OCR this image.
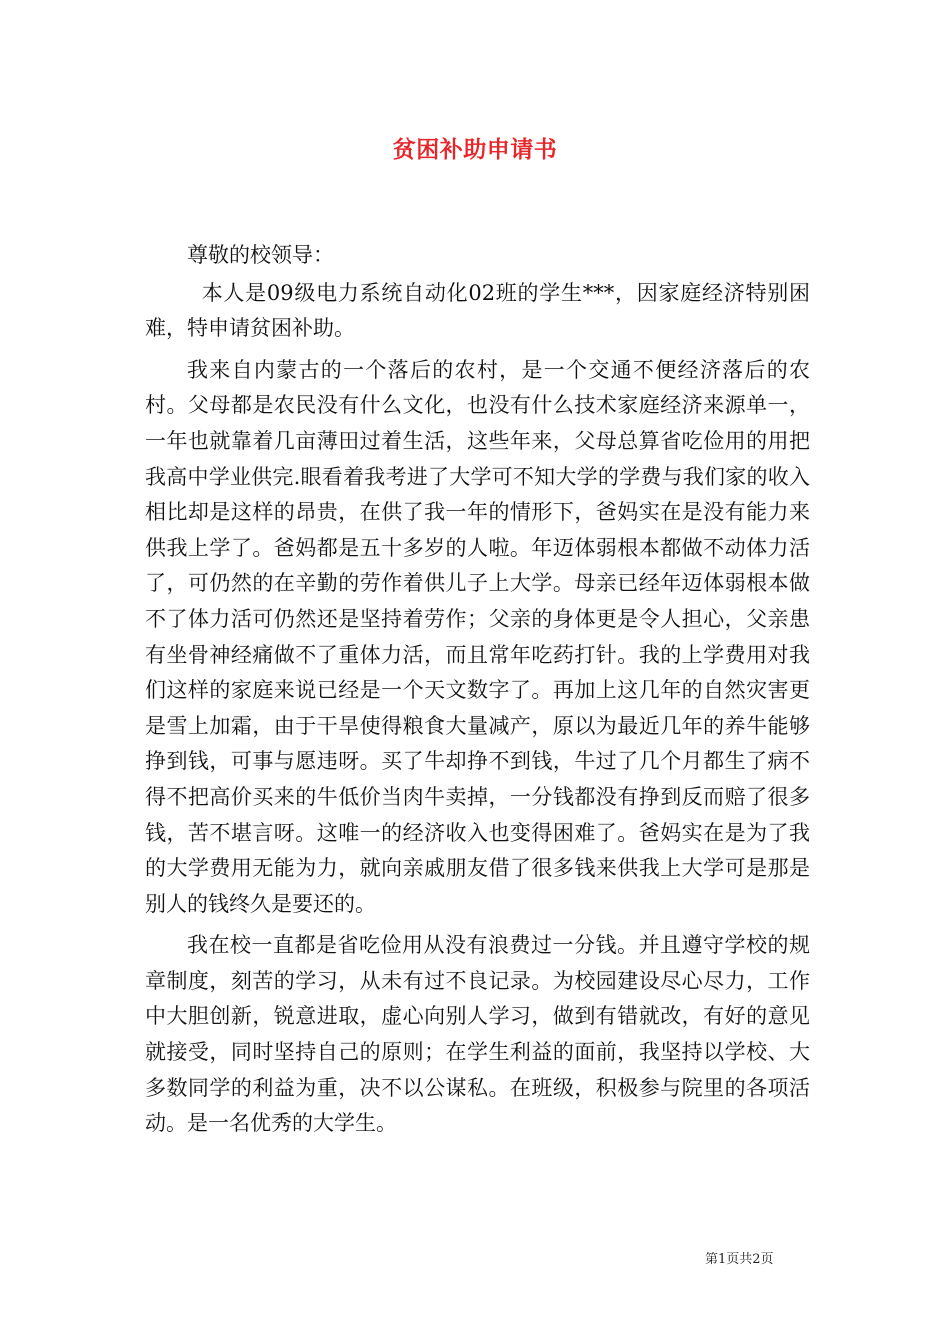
贫困补助申请书

尊敬的校领导：

本人是09级电力系统自动化02班的学生***，因家庭经济特别困难，特申请贫困补助。

我来自内蒙古的一个落后的农村，是一个交通不便经济落后的农村。父母都是农民没有什么文化，也没有什么技术家庭经济来源单一，一年也就靠着几亩薄田过着生活，这些年来，父母总算省吃俭用的用把我高中学业供完.眼看着我考进了大学可不知大学的学费与我们家的收入相比却是这样的昂贵，在供了我一年的情形下，爸妈实在是没有能力来供我上学了。爸妈都是五十多岁的人啦。年迈体弱根本都做不动体力活了，可仍然的在辛勤的劳作着供儿子上大学。母亲已经年迈体弱根本做不了体力活可仍然还是坚持着劳作；父亲的身体更是令人担心，父亲患有坐骨神经痛做不了重体力活，而且常年吃药打针。我的上学费用对我们这样的家庭来说已经是一个天文数字了。再加上这几年的自然灾害更是雪上加霜，由于干旱使得粮食大量减产，原以为最近几年的养牛能够挣到钱，可事与愿违呀。买了牛却挣不到钱，牛过了几个月都生了病不得不把高价买来的牛低价当肉牛卖掉，一分钱都没有挣到反而赔了很多钱，苦不堪言呀。这唯一的经济收入也变得困难了。爸妈实在是为了我的大学费用无能为力，就向亲戚朋友借了很多钱来供我上大学可是那是别人的钱终久是要还的。

我在校一直都是省吃俭用从没有浪费过一分钱。并且遵守学校的规章制度，刻苦的学习，从未有过不良记录。为校园建设尽心尽力，工作中大胆创新，锐意进取，虚心向别人学习，做到有错就改，有好的意见就接受，同时坚持自己的原则；在学生利益的面前，我坚持以学校、大多数同学的利益为重，决不以公谋私。在班级，积极参与院里的各项活动。是一名优秀的大学生。

第1页共2页
